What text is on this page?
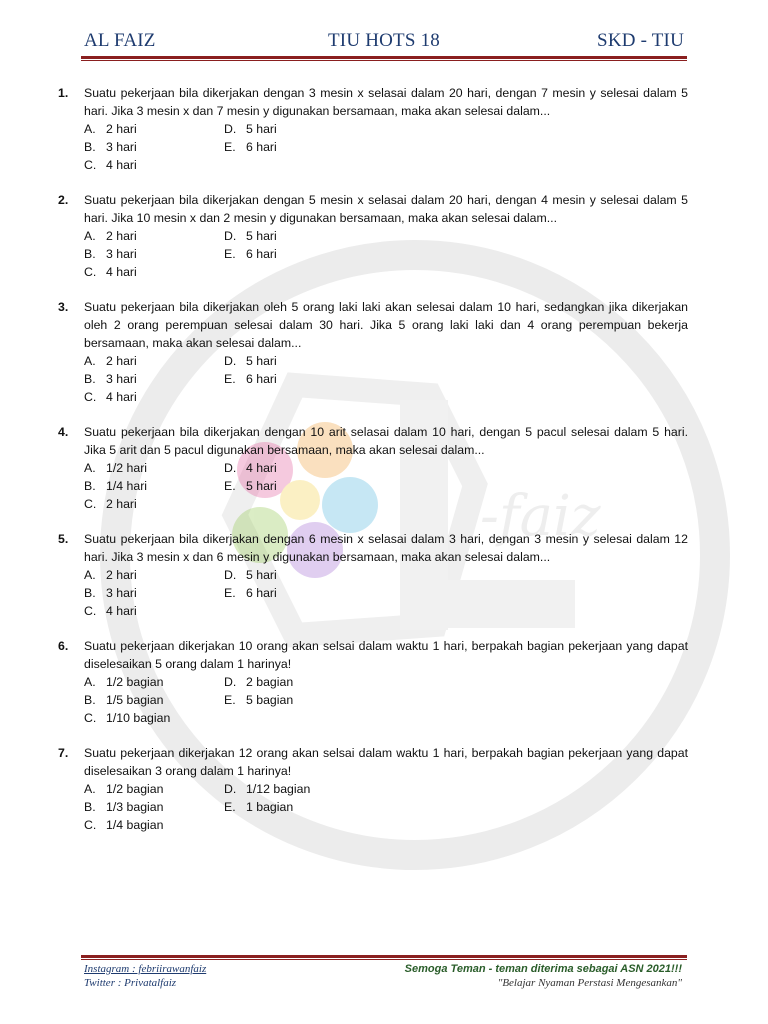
-faiz
AL FAIZ	TIU HOTS 18	SKD - TIU
1. Suatu pekerjaan bila dikerjakan dengan 3 mesin x selasai dalam 20 hari, dengan 7 mesin y selesai dalam 5 hari. Jika 3 mesin x dan 7 mesin y digunakan bersamaan, maka akan selesai dalam...
A. 2 hari	D. 5 hari
B. 3 hari	E. 6 hari
C. 4 hari
2. Suatu pekerjaan bila dikerjakan dengan 5 mesin x selasai dalam 20 hari, dengan 4 mesin y selesai dalam 5 hari. Jika 10 mesin x dan 2 mesin y digunakan bersamaan, maka akan selesai dalam...
A. 2 hari	D. 5 hari
B. 3 hari	E. 6 hari
C. 4 hari
3. Suatu pekerjaan bila dikerjakan oleh 5 orang laki laki akan selesai dalam 10 hari, sedangkan jika dikerjakan oleh 2 orang perempuan selesai dalam 30 hari. Jika 5 orang laki laki dan 4 orang perempuan bekerja bersamaan, maka akan selesai dalam...
A. 2 hari	D. 5 hari
B. 3 hari	E. 6 hari
C. 4 hari
4. Suatu pekerjaan bila dikerjakan dengan 10 arit selasai dalam 10 hari, dengan 5 pacul selesai dalam 5 hari. Jika 5 arit dan 5 pacul digunakan bersamaan, maka akan selesai dalam...
A. 1/2 hari	D. 4 hari
B. 1/4 hari	E. 5 hari
C. 2 hari
5. Suatu pekerjaan bila dikerjakan dengan 6 mesin x selasai dalam 3 hari, dengan 3 mesin y selesai dalam 12 hari. Jika 3 mesin x dan 6 mesin y digunakan bersamaan, maka akan selesai dalam...
A. 2 hari	D. 5 hari
B. 3 hari	E. 6 hari
C. 4 hari
6. Suatu pekerjaan dikerjakan 10 orang akan selsai dalam waktu 1 hari, berpakah bagian pekerjaan yang dapat diselesaikan 5 orang dalam 1 harinya!
A. 1/2 bagian	D. 2 bagian
B. 1/5 bagian	E. 5 bagian
C. 1/10 bagian
7. Suatu pekerjaan dikerjakan 12 orang akan selsai dalam waktu 1 hari, berpakah bagian pekerjaan yang dapat diselesaikan 3 orang dalam 1 harinya!
A. 1/2 bagian	D. 1/12 bagian
B. 1/3 bagian	E. 1 bagian
C. 1/4 bagian
Instagram : febriirawanfaiz
Twitter : Privatalfaiz
Semoga Teman - teman diterima sebagai ASN 2021!!!
"Belajar Nyaman Perstasi Mengesankan"
